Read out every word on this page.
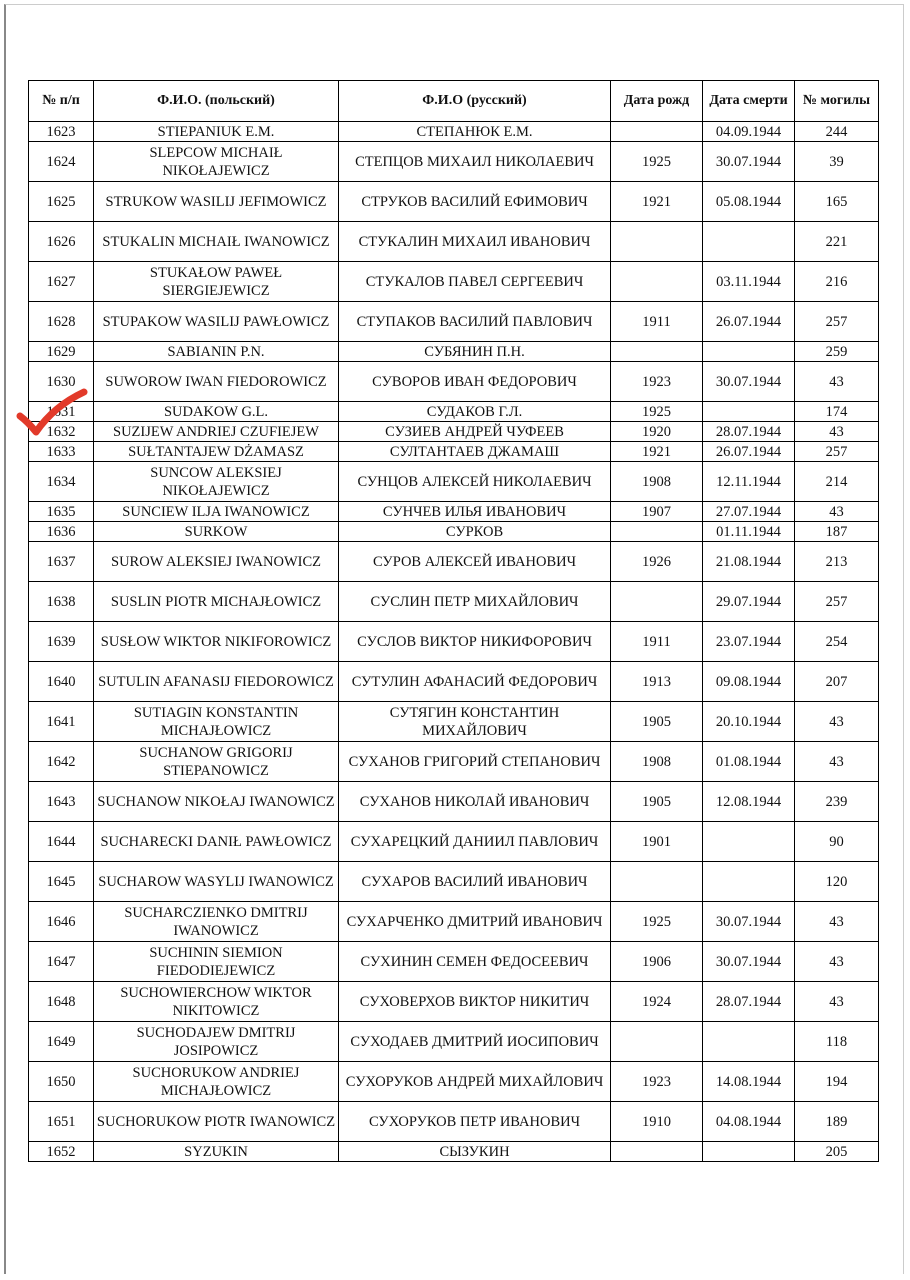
№ п/п	Ф.И.О. (польский)	Ф.И.О (русский)	Дата рожд	Дата смерти	№ могилы
1623	STIEPANIUK E.M.	СТЕПАНЮК Е.М.		04.09.1944	244
1624	SLEPCOW MICHAIŁ NIKOŁAJEWICZ	СТЕПЦОВ МИХАИЛ НИКОЛАЕВИЧ	1925	30.07.1944	39
1625	STRUKOW WASILIJ JEFIMOWICZ	СТРУКОВ ВАСИЛИЙ ЕФИМОВИЧ	1921	05.08.1944	165
1626	STUKALIN MICHAIŁ IWANOWICZ	СТУКАЛИН МИХАИЛ ИВАНОВИЧ			221
1627	STUKAŁOW PAWEŁ SIERGIEJEWICZ	СТУКАЛОВ ПАВЕЛ СЕРГЕЕВИЧ		03.11.1944	216
1628	STUPAKOW WASILIJ PAWŁOWICZ	СТУПАКОВ ВАСИЛИЙ ПАВЛОВИЧ	1911	26.07.1944	257
1629	SABIANIN P.N.	СУБЯНИН П.Н.			259
1630	SUWOROW IWAN FIEDOROWICZ	СУВОРОВ ИВАН ФЕДОРОВИЧ	1923	30.07.1944	43
1631	SUDAKOW G.L.	СУДАКОВ Г.Л.	1925		174
1632	SUZIJEW ANDRIEJ CZUFIEJEW	СУЗИЕВ АНДРЕЙ ЧУФЕЕВ	1920	28.07.1944	43
1633	SUŁTANTAJEW DŻAMASZ	СУЛТАНТАЕВ ДЖАМАШ	1921	26.07.1944	257
1634	SUNCOW ALEKSIEJ NIKOŁAJEWICZ	СУНЦОВ АЛЕКСЕЙ НИКОЛАЕВИЧ	1908	12.11.1944	214
1635	SUNCIEW ILJA IWANOWICZ	СУНЧЕВ ИЛЬЯ ИВАНОВИЧ	1907	27.07.1944	43
1636	SURKOW	СУРКОВ		01.11.1944	187
1637	SUROW ALEKSIEJ IWANOWICZ	СУРОВ АЛЕКСЕЙ ИВАНОВИЧ	1926	21.08.1944	213
1638	SUSLIN PIOTR MICHAJŁOWICZ	СУСЛИН ПЕТР МИХАЙЛОВИЧ		29.07.1944	257
1639	SUSŁOW WIKTOR NIKIFOROWICZ	СУСЛОВ ВИКТОР НИКИФОРОВИЧ	1911	23.07.1944	254
1640	SUTULIN AFANASIJ FIEDOROWICZ	СУТУЛИН АФАНАСИЙ ФЕДОРОВИЧ	1913	09.08.1944	207
1641	SUTIAGIN KONSTANTIN MICHAJŁOWICZ	СУТЯГИН КОНСТАНТИН МИХАЙЛОВИЧ	1905	20.10.1944	43
1642	SUCHANOW GRIGORIJ STIEPANOWICZ	СУХАНОВ ГРИГОРИЙ СТЕПАНОВИЧ	1908	01.08.1944	43
1643	SUCHANOW NIKOŁAJ IWANOWICZ	СУХАНОВ НИКОЛАЙ ИВАНОВИЧ	1905	12.08.1944	239
1644	SUCHARECKI DANIŁ PAWŁOWICZ	СУХАРЕЦКИЙ ДАНИИЛ ПАВЛОВИЧ	1901		90
1645	SUCHAROW WASYLIJ IWANOWICZ	СУХАРОВ ВАСИЛИЙ ИВАНОВИЧ			120
1646	SUCHARCZIENKO DMITRIJ IWANOWICZ	СУХАРЧЕНКО ДМИТРИЙ ИВАНОВИЧ	1925	30.07.1944	43
1647	SUCHININ SIEMION FIEDODIEJEWICZ	СУХИНИН СЕМЕН ФЕДОСЕЕВИЧ	1906	30.07.1944	43
1648	SUCHOWIERCHOW WIKTOR NIKITOWICZ	СУХОВЕРХОВ ВИКТОР НИКИТИЧ	1924	28.07.1944	43
1649	SUCHODAJEW DMITRIJ JOSIPOWICZ	СУХОДАЕВ ДМИТРИЙ ИОСИПОВИЧ			118
1650	SUCHORUKOW ANDRIEJ MICHAJŁOWICZ	СУХОРУКОВ АНДРЕЙ МИХАЙЛОВИЧ	1923	14.08.1944	194
1651	SUCHORUKOW PIOTR IWANOWICZ	СУХОРУКОВ ПЕТР ИВАНОВИЧ	1910	04.08.1944	189
1652	SYZUKIN	СЫЗУКИН			205
